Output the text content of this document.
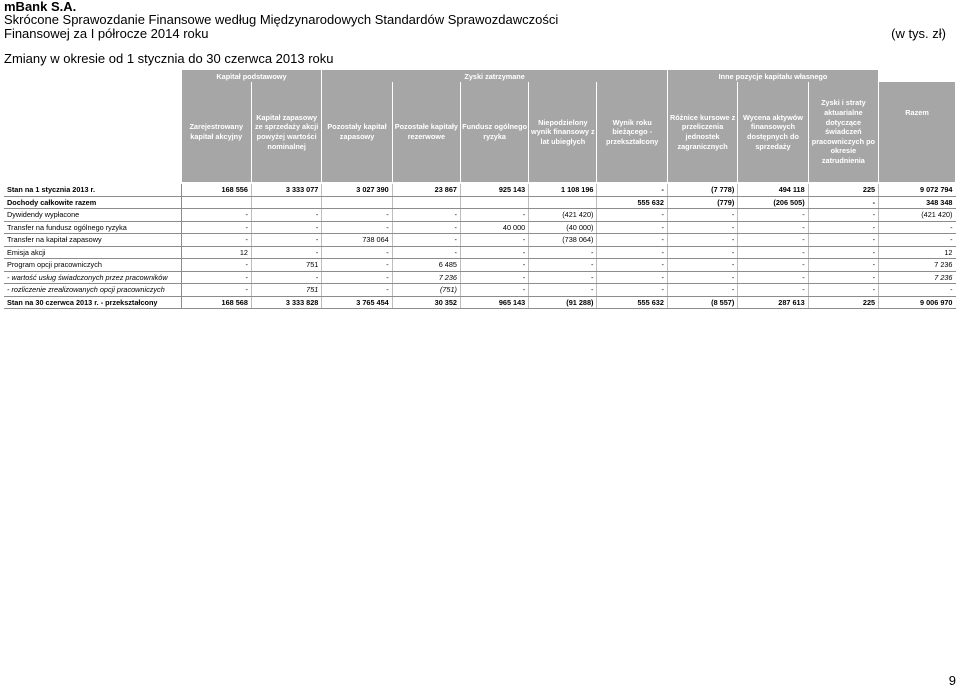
mBank S.A.
Skrócone Sprawozdanie Finansowe według Międzynarodowych Standardów Sprawozdawczości
Finansowej za I półrocze 2014 roku	(w tys. zł)
Zmiany w okresie od 1 stycznia do 30 czerwca 2013 roku
	Kapitał podstawowy		Zyski zatrzymane					Inne pozycje kapitału własnego			
	Zarejestrowany kapitał akcyjny	Kapitał zapasowy ze sprzedaży akcji powyżej wartości nominalnej	Pozostały kapitał zapasowy	Pozostałe kapitały rezerwowe	Fundusz ogólnego ryzyka	Niepodzielony wynik finansowy z lat ubiegłych	Wynik roku bieżącego - przekształcony	Różnice kursowe z przeliczenia jednostek zagranicznych	Wycena aktywów finansowych dostępnych do sprzedaży	Zyski i straty aktuarialne dotyczące świadczeń pracowniczych po okresie zatrudnienia	Razem

Stan na 1 stycznia 2013 r.	168 556	3 333 077	3 027 390	23 867	925 143	1 108 196	-	(7 778)	494 118	225	9 072 794
Dochody całkowite razem							555 632	(779)	(206 505)	-	348 348
Dywidendy wypłacone	-	-	-	-	-	(421 420)	-	-	-	-	(421 420)
Transfer na fundusz ogólnego ryzyka	-	-	-	-	40 000	(40 000)	-	-	-	-	-
Transfer na kapitał zapasowy	-	-	738 064	-	-	(738 064)	-	-	-	-	-
Emisja akcji	12	-	-	-	-	-	-	-	-	-	12
Program opcji pracowniczych	-	751	-	6 485	-	-	-	-	-	-	7 236
- wartość usług świadczonych przez pracowników	-	-	-	7 236	-	-	-	-	-	-	7 236
- rozliczenie zrealizowanych opcji pracowniczych	-	751	-	(751)	-	-	-	-	-	-	-
Stan na 30 czerwca 2013 r. - przekształcony	168 568	3 333 828	3 765 454	30 352	965 143	(91 288)	555 632	(8 557)	287 613	225	9 006 970
9
